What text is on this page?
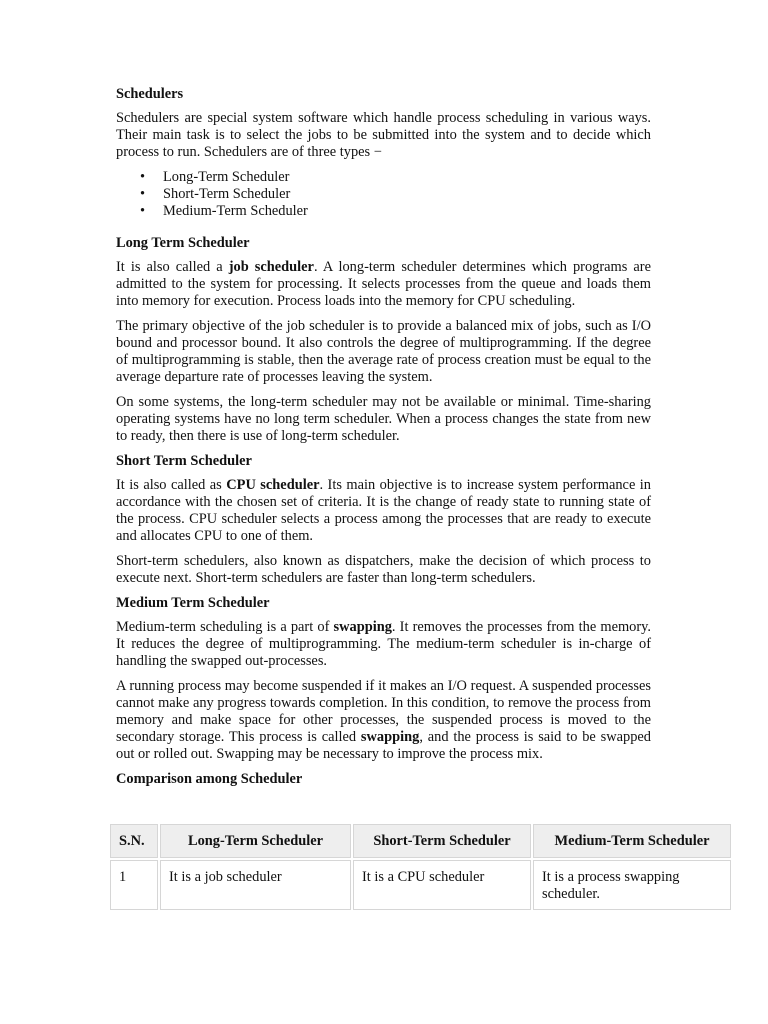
Schedulers

Schedulers are special system software which handle process scheduling in various ways. Their main task is to select the jobs to be submitted into the system and to decide which process to run. Schedulers are of three types −

• Long-Term Scheduler
• Short-Term Scheduler
• Medium-Term Scheduler
Long Term Scheduler

It is also called a job scheduler. A long-term scheduler determines which programs are admitted to the system for processing. It selects processes from the queue and loads them into memory for execution. Process loads into the memory for CPU scheduling.

The primary objective of the job scheduler is to provide a balanced mix of jobs, such as I/O bound and processor bound. It also controls the degree of multiprogramming. If the degree of multiprogramming is stable, then the average rate of process creation must be equal to the average departure rate of processes leaving the system.

On some systems, the long-term scheduler may not be available or minimal. Time-sharing operating systems have no long term scheduler. When a process changes the state from new to ready, then there is use of long-term scheduler.

Short Term Scheduler

It is also called as CPU scheduler. Its main objective is to increase system performance in accordance with the chosen set of criteria. It is the change of ready state to running state of the process. CPU scheduler selects a process among the processes that are ready to execute and allocates CPU to one of them.

Short-term schedulers, also known as dispatchers, make the decision of which process to execute next. Short-term schedulers are faster than long-term schedulers.

Medium Term Scheduler

Medium-term scheduling is a part of swapping. It removes the processes from the memory. It reduces the degree of multiprogramming. The medium-term scheduler is in-charge of handling the swapped out-processes.

A running process may become suspended if it makes an I/O request. A suspended processes cannot make any progress towards completion. In this condition, to remove the process from memory and make space for other processes, the suspended process is moved to the secondary storage. This process is called swapping, and the process is said to be swapped out or rolled out. Swapping may be necessary to improve the process mix.

Comparison among Scheduler
S.N.	Long-Term Scheduler	Short-Term Scheduler	Medium-Term Scheduler
1	It is a job scheduler	It is a CPU scheduler	It is a process swapping scheduler.
